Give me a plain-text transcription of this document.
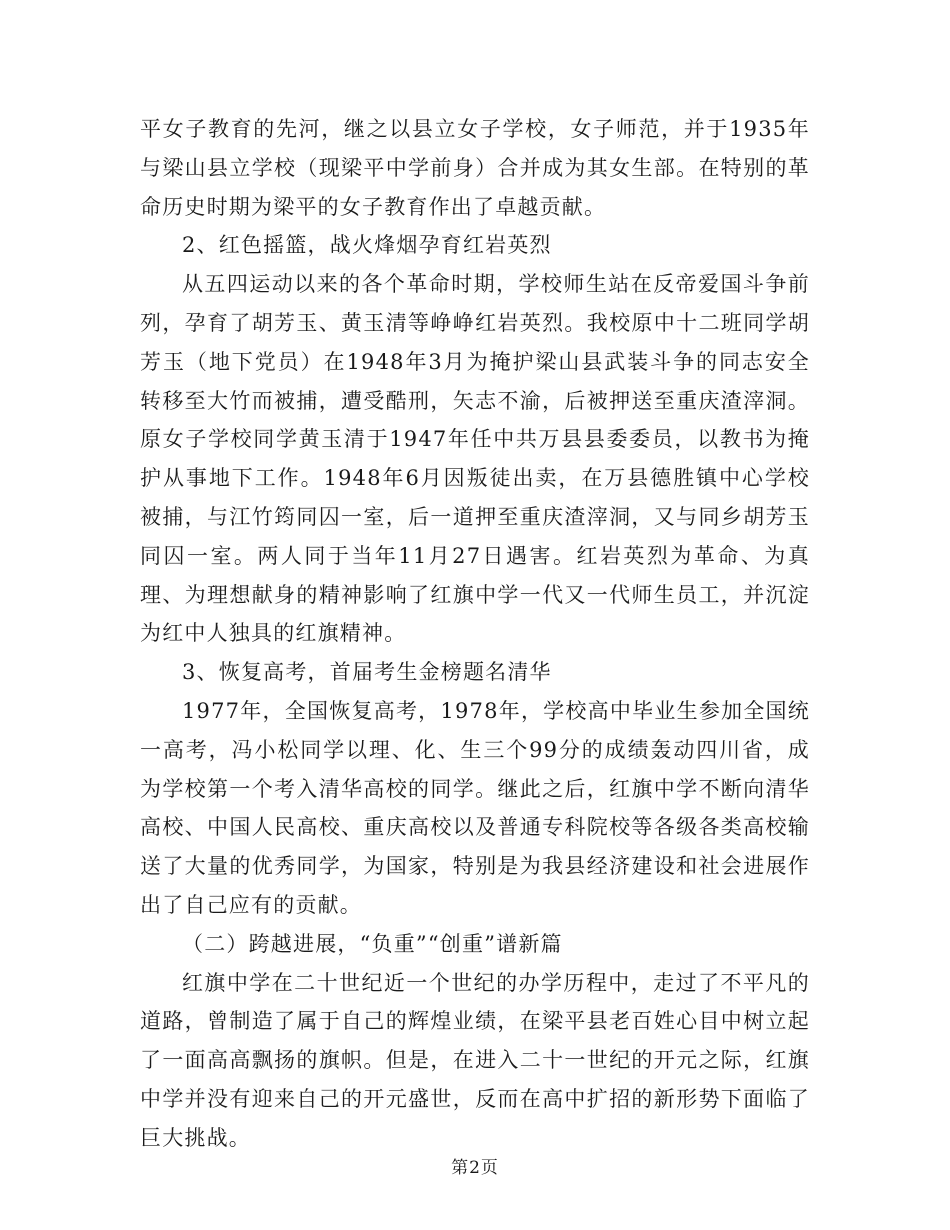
平女子教育的先河，继之以县立女子学校，女子师范，并于1935年与梁山县立学校（现梁平中学前身）合并成为其女生部。在特别的革命历史时期为梁平的女子教育作出了卓越贡献。

2、红色摇篮，战火烽烟孕育红岩英烈

从五四运动以来的各个革命时期，学校师生站在反帝爱国斗争前列，孕育了胡芳玉、黄玉清等峥峥红岩英烈。我校原中十二班同学胡芳玉（地下党员）在1948年3月为掩护梁山县武装斗争的同志安全转移至大竹而被捕，遭受酷刑，矢志不渝，后被押送至重庆渣滓洞。原女子学校同学黄玉清于1947年任中共万县县委委员，以教书为掩护从事地下工作。1948年6月因叛徒出卖，在万县德胜镇中心学校被捕，与江竹筠同囚一室，后一道押至重庆渣滓洞，又与同乡胡芳玉同囚一室。两人同于当年11月27日遇害。红岩英烈为革命、为真理、为理想献身的精神影响了红旗中学一代又一代师生员工，并沉淀为红中人独具的红旗精神。

3、恢复高考，首届考生金榜题名清华

1977年，全国恢复高考，1978年，学校高中毕业生参加全国统一高考，冯小松同学以理、化、生三个99分的成绩轰动四川省，成为学校第一个考入清华高校的同学。继此之后，红旗中学不断向清华高校、中国人民高校、重庆高校以及普通专科院校等各级各类高校输送了大量的优秀同学，为国家，特别是为我县经济建设和社会进展作出了自己应有的贡献。

（二）跨越进展，“负重”“创重”谱新篇

红旗中学在二十世纪近一个世纪的办学历程中，走过了不平凡的道路，曾制造了属于自己的辉煌业绩，在梁平县老百姓心目中树立起了一面高高飘扬的旗帜。但是，在进入二十一世纪的开元之际，红旗中学并没有迎来自己的开元盛世，反而在高中扩招的新形势下面临了巨大挑战。

第2页
